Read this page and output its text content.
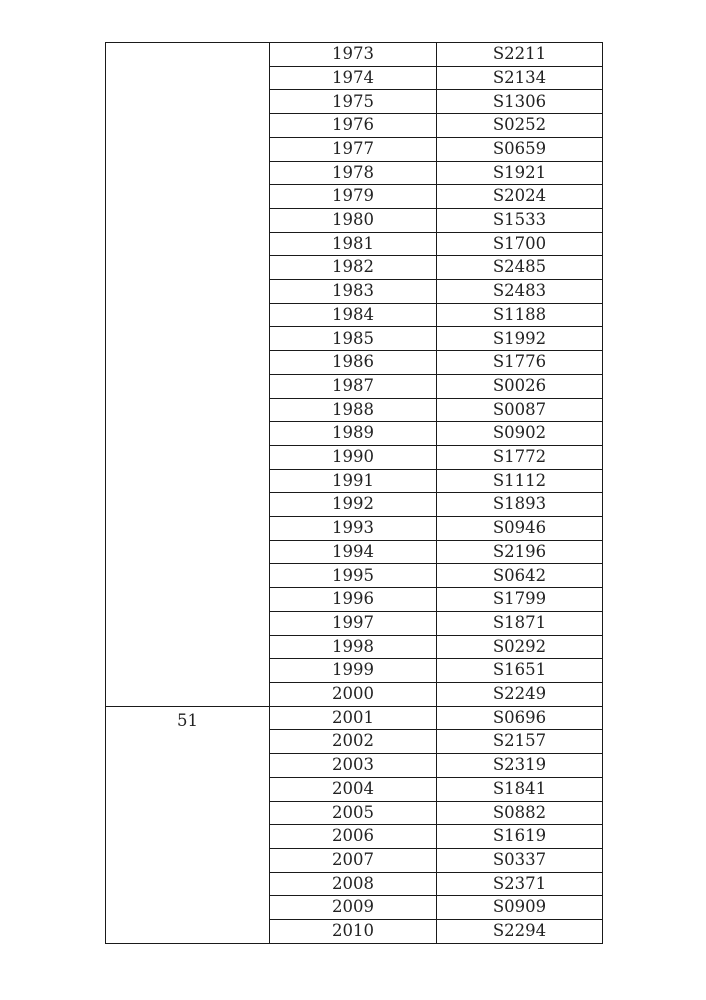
	1973	S2211
	1974	S2134
	1975	S1306
	1976	S0252
	1977	S0659
	1978	S1921
	1979	S2024
	1980	S1533
	1981	S1700
	1982	S2485
	1983	S2483
	1984	S1188
	1985	S1992
	1986	S1776
	1987	S0026
	1988	S0087
	1989	S0902
	1990	S1772
	1991	S1112
	1992	S1893
	1993	S0946
	1994	S2196
	1995	S0642
	1996	S1799
	1997	S1871
	1998	S0292
	1999	S1651
	2000	S2249
51	2001	S0696
	2002	S2157
	2003	S2319
	2004	S1841
	2005	S0882
	2006	S1619
	2007	S0337
	2008	S2371
	2009	S0909
	2010	S2294
